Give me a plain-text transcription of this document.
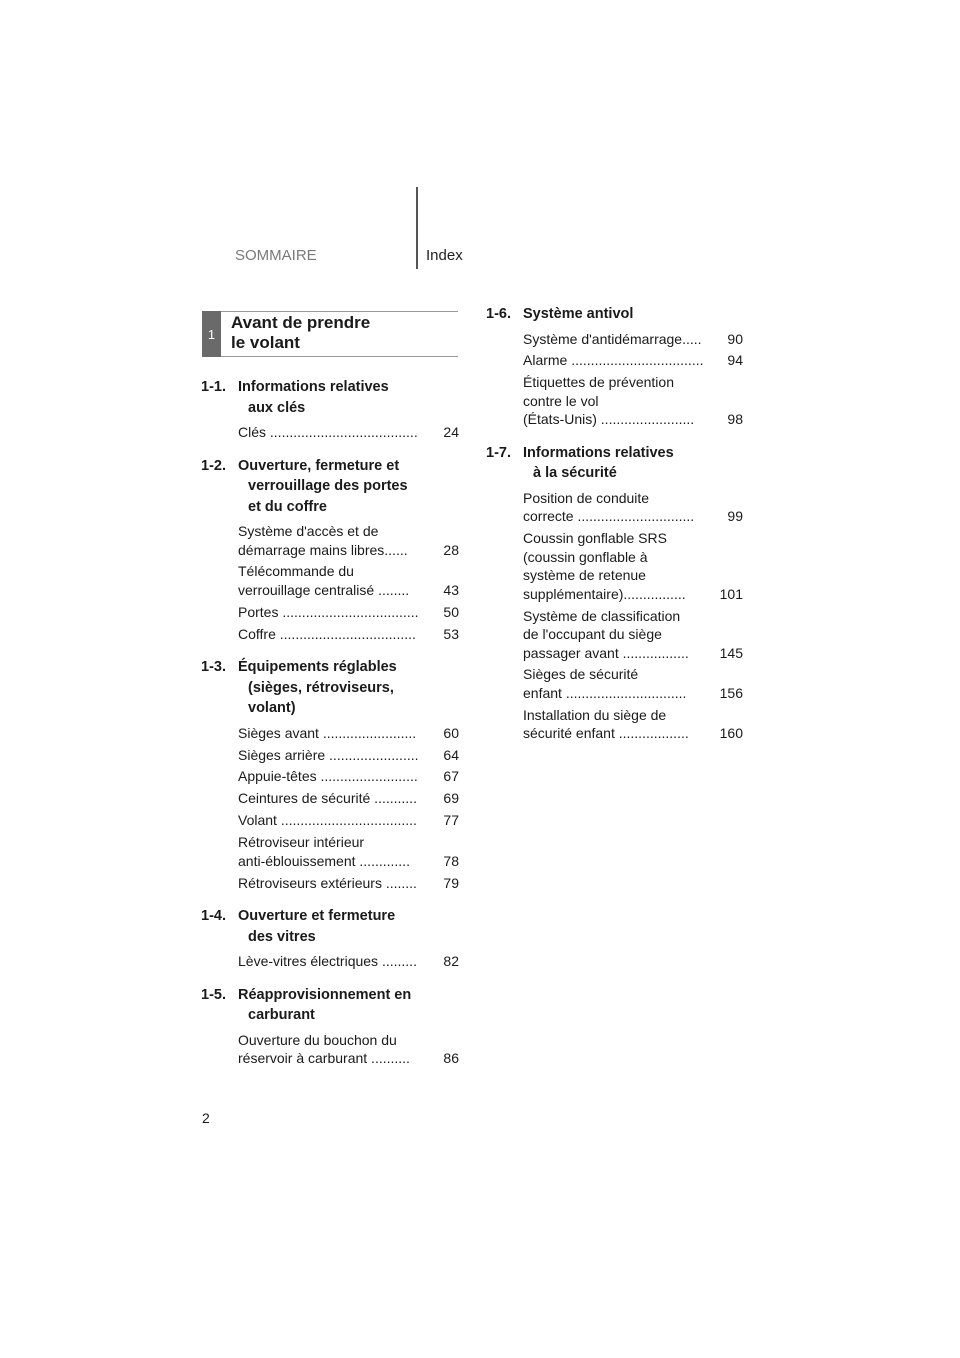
SOMMAIRE	Index
1
Avant de prendre
le volant
1-1. Informations relatives
aux clés
Clés ......................................	24
1-2. Ouverture, fermeture et
verrouillage des portes
et du coffre
Système d'accès et de
démarrage mains libres......	28
Télécommande du
verrouillage centralisé ........	43
Portes ...................................	50
Coffre ...................................	53
1-3. Équipements réglables
(sièges, rétroviseurs,
volant)
Sièges avant ........................	60
Sièges arrière .......................	64
Appuie-têtes .........................	67
Ceintures de sécurité ...........	69
Volant ...................................	77
Rétroviseur intérieur
anti-éblouissement .............	78
Rétroviseurs extérieurs ........	79
1-4. Ouverture et fermeture
des vitres
Lève-vitres électriques .........	82
1-5. Réapprovisionnement en
carburant
Ouverture du bouchon du
réservoir à carburant ..........	86
1-6. Système antivol
Système d'antidémarrage.....	90
Alarme ..................................	94
Étiquettes de prévention
contre le vol
(États-Unis) ........................	98
1-7. Informations relatives
à la sécurité
Position de conduite
correcte ..............................	99
Coussin gonflable SRS
(coussin gonflable à
système de retenue
supplémentaire)................	101
Système de classification
de l'occupant du siège
passager avant .................	145
Sièges de sécurité
enfant ...............................	156
Installation du siège de
sécurité enfant ..................	160
2
